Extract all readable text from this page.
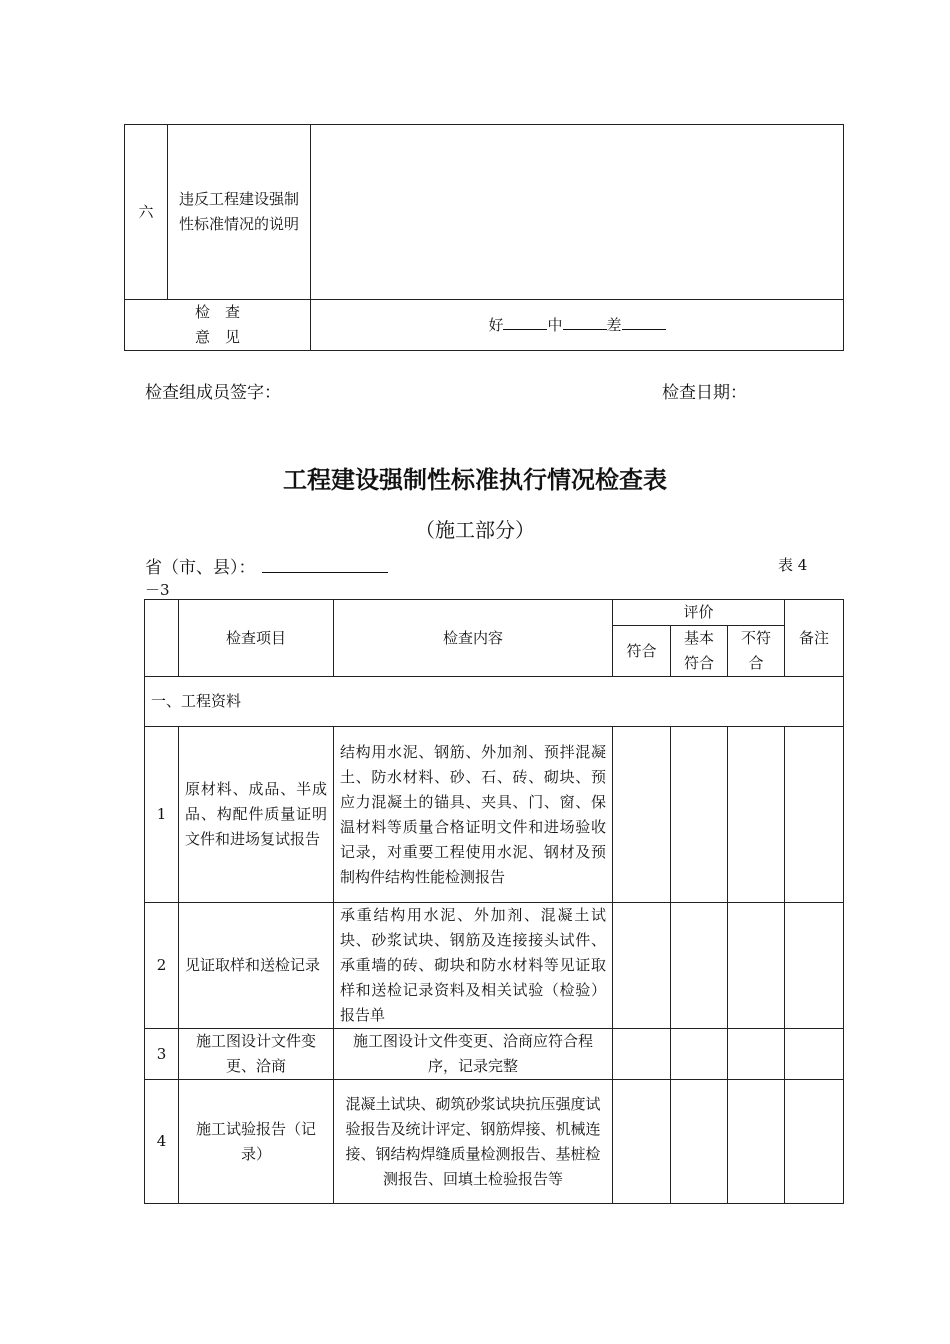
六	违反工程建设强制性标准情况的说明	

检　查
意　见		好 中 差
检查组成员签字：	检查日期：
工程建设强制性标准执行情况检查表
（施工部分）
省（市、县）：	表 4
－3
	检查项目	检查内容	评价			备注
			符合	基本符合	不符合	
一、工程资料						
1	原材料、成品、半成品、构配件质量证明文件和进场复试报告	结构用水泥、钢筋、外加剂、预拌混凝土、防水材料、砂、石、砖、砌块、预应力混凝土的锚具、夹具、门、窗、保温材料等质量合格证明文件和进场验收记录，对重要工程使用水泥、钢材及预制构件结构性能检测报告				
2	见证取样和送检记录	承重结构用水泥、外加剂、混凝土试块、砂浆试块、钢筋及连接接头试件、承重墙的砖、砌块和防水材料等见证取样和送检记录资料及相关试验（检验）报告单				
3	施工图设计文件变更、洽商	施工图设计文件变更、洽商应符合程序，记录完整				
4	施工试验报告（记录）	混凝土试块、砌筑砂浆试块抗压强度试验报告及统计评定、钢筋焊接、机械连接、钢结构焊缝质量检测报告、基桩检测报告、回填土检验报告等				
